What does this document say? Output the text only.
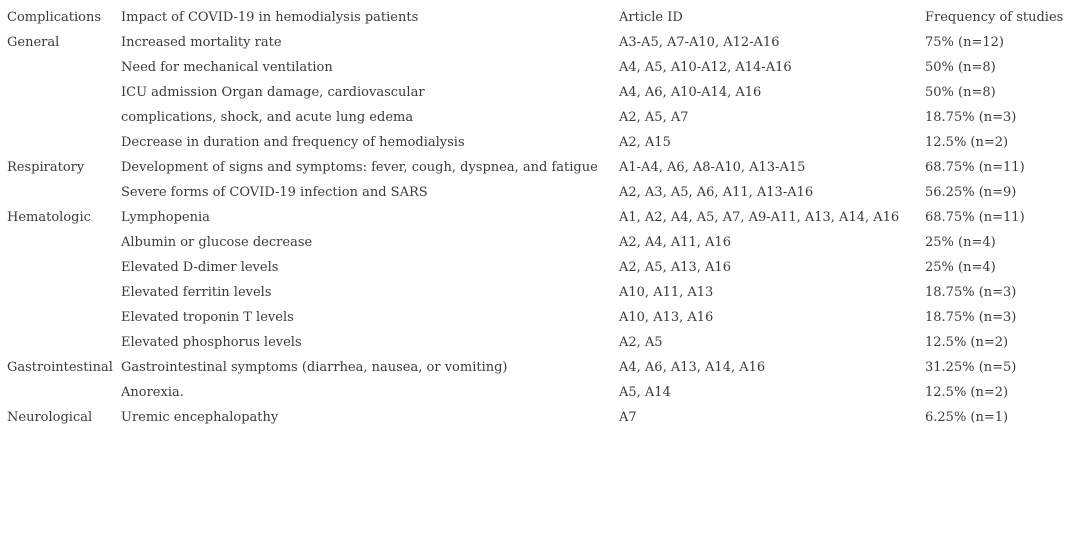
Complications	Impact of COVID-19 in hemodialysis patients	Article ID	Frequency of studies
General	Increased mortality rate	A3-A5, A7-A10, A12-A16	75% (n=12)
	Need for mechanical ventilation	A4, A5, A10-A12, A14-A16	50% (n=8)
	ICU admission Organ damage, cardiovascular	A4, A6, A10-A14, A16	50% (n=8)
	complications, shock, and acute lung edema	A2, A5, A7	18.75% (n=3)
	Decrease in duration and frequency of hemodialysis	A2, A15	12.5% (n=2)
Respiratory	Development of signs and symptoms: fever, cough, dyspnea, and fatigue	A1-A4, A6, A8-A10, A13-A15	68.75% (n=11)
	Severe forms of COVID-19 infection and SARS	A2, A3, A5, A6, A11, A13-A16	56.25% (n=9)
Hematologic	Lymphopenia	A1, A2, A4, A5, A7, A9-A11, A13, A14, A16	68.75% (n=11)
	Albumin or glucose decrease	A2, A4, A11, A16	25% (n=4)
	Elevated D-dimer levels	A2, A5, A13, A16	25% (n=4)
	Elevated ferritin levels	A10, A11, A13	18.75% (n=3)
	Elevated troponin T levels	A10, A13, A16	18.75% (n=3)
	Elevated phosphorus levels	A2, A5	12.5% (n=2)
Gastrointestinal	Gastrointestinal symptoms (diarrhea, nausea, or vomiting)	A4, A6, A13, A14, A16	31.25% (n=5)
	Anorexia.	A5, A14	12.5% (n=2)
Neurological	Uremic encephalopathy	A7	6.25% (n=1)
